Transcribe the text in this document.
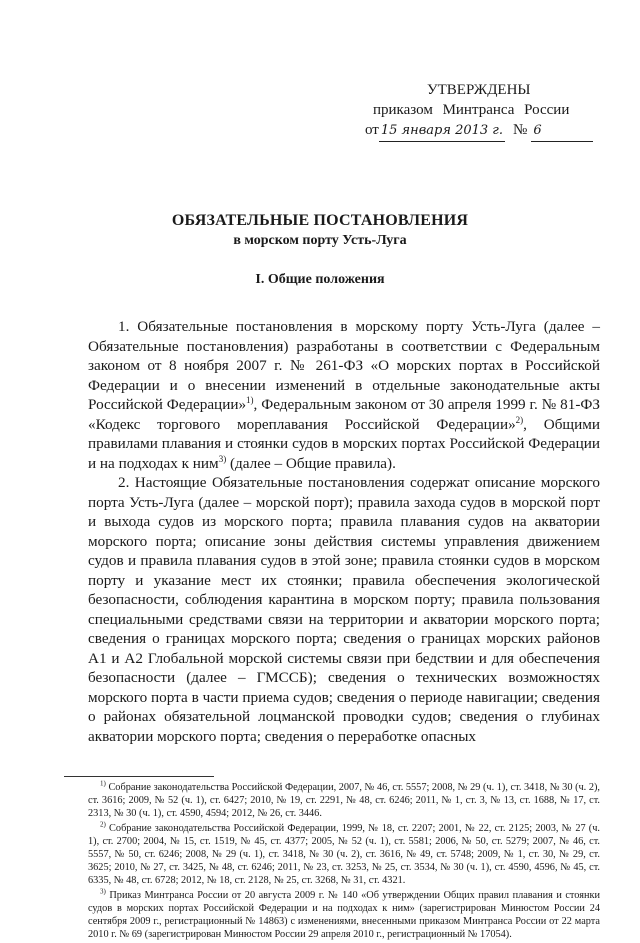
УТВЕРЖДЕНЫ
приказом Минтранса России
от 15 января 2013 г. № 6
ОБЯЗАТЕЛЬНЫЕ ПОСТАНОВЛЕНИЯ
в морском порту Усть-Луга
I. Общие положения

1. Обязательные постановления в морскому порту Усть-Луга (далее – Обязательные постановления) разработаны в соответствии с Федеральным законом от 8 ноября 2007 г. № 261-ФЗ «О морских портах в Российской Федерации и о внесении изменений в отдельные законодательные акты Российской Федерации»$^{1)}$, Федеральным законом от 30 апреля 1999 г. № 81-ФЗ «Кодекс торгового мореплавания Российской Федерации»$^{2)}$, Общими правилами плавания и стоянки судов в морских портах Российской Федерации и на подходах к ним$^{3)}$ (далее – Общие правила).

2. Настоящие Обязательные постановления содержат описание морского порта Усть-Луга (далее – морской порт); правила захода судов в морской порт и выхода судов из морского порта; правила плавания судов на акватории морского порта; описание зоны действия системы управления движением судов и правила плавания судов в этой зоне; правила стоянки судов в морском порту и указание мест их стоянки; правила обеспечения экологической безопасности, соблюдения карантина в морском порту; правила пользования специальными средствами связи на территории и акватории морского порта; сведения о границах морского порта; сведения о границах морских районов А1 и А2 Глобальной морской системы связи при бедствии и для обеспечения безопасности (далее – ГМССБ); сведения о технических возможностях морского порта в части приема судов; сведения о периоде навигации; сведения о районах обязательной лоцманской проводки судов; сведения о глубинах акватории морского порта; сведения о переработке опасных

$^{1)}$ Собрание законодательства Российской Федерации, 2007, № 46, ст. 5557; 2008, № 29 (ч. 1), ст. 3418, № 30 (ч. 2), ст. 3616; 2009, № 52 (ч. 1), ст. 6427; 2010, № 19, ст. 2291, № 48, ст. 6246; 2011, № 1, ст. 3, № 13, ст. 1688, № 17, ст. 2313, № 30 (ч. 1), ст. 4590, 4594; 2012, № 26, ст. 3446.

$^{2)}$ Собрание законодательства Российской Федерации, 1999, № 18, ст. 2207; 2001, № 22, ст. 2125; 2003, № 27 (ч. 1), ст. 2700; 2004, № 15, ст. 1519, № 45, ст. 4377; 2005, № 52 (ч. 1), ст. 5581; 2006, № 50, ст. 5279; 2007, № 46, ст. 5557, № 50, ст. 6246; 2008, № 29 (ч. 1), ст. 3418, № 30 (ч. 2), ст. 3616, № 49, ст. 5748; 2009, № 1, ст. 30, № 29, ст. 3625; 2010, № 27, ст. 3425, № 48, ст. 6246; 2011, № 23, ст. 3253, № 25, ст. 3534, № 30 (ч. 1), ст. 4590, 4596, № 45, ст. 6335, № 48, ст. 6728; 2012, № 18, ст. 2128, № 25, ст. 3268, № 31, ст. 4321.

$^{3)}$ Приказ Минтранса России от 20 августа 2009 г. № 140 «Об утверждении Общих правил плавания и стоянки судов в морских портах Российской Федерации и на подходах к ним» (зарегистрирован Минюстом России 24 сентября 2009 г., регистрационный № 14863) с изменениями, внесенными приказом Минтранса России от 22 марта 2010 г. № 69 (зарегистрирован Минюстом России 29 апреля 2010 г., регистрационный № 17054).
